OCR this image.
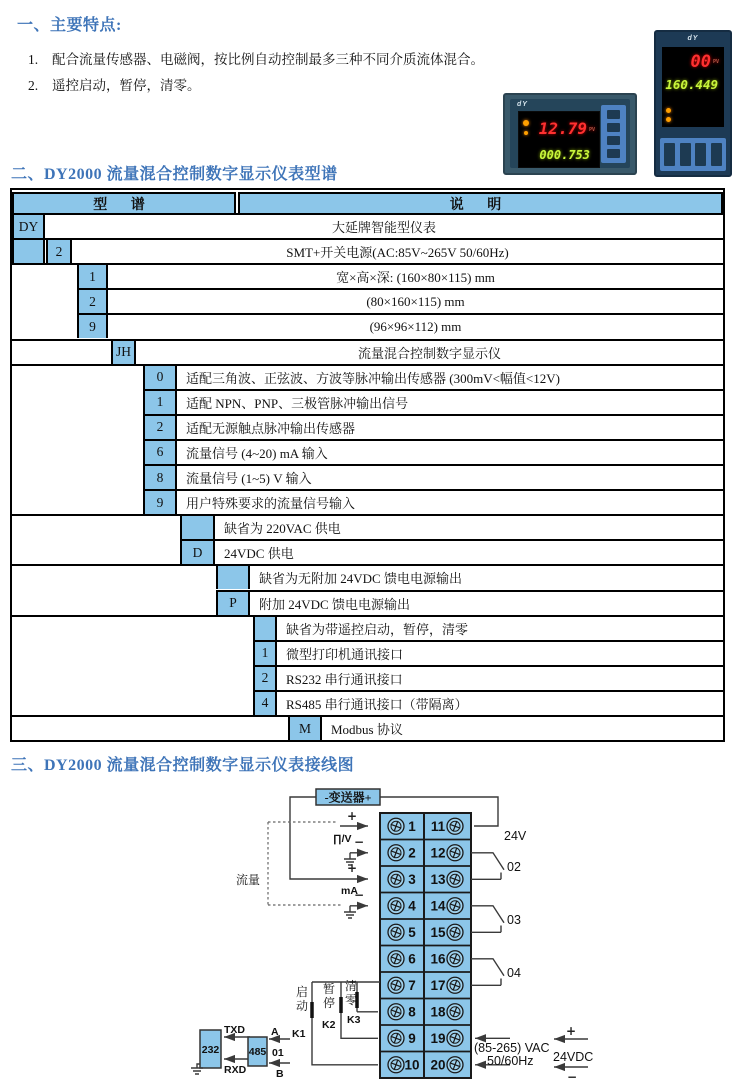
一、主要特点:
1. 配合流量传感器、电磁阀，按比例自动控制最多三种不同介质流体混合。
2. 遥控启动，暂停，清零。
dY
12.79 PV
000.753
dY
00 PV
160.449
二、DY2000 流量混合控制数字显示仪表型谱
型 谱	说 明
DY	大延牌智能型仪表
2	SMT+开关电源(AC:85V~265V 50/60Hz)
1	宽×高×深: (160×80×115) mm
2	(80×160×115) mm
9	(96×96×112) mm
JH	流量混合控制数字显示仪
0	适配三角波、正弦波、方波等脉冲输出传感器 (300mV<幅值<12V)
1	适配 NPN、PNP、三极管脉冲输出信号
2	适配无源触点脉冲输出传感器
6	流量信号 (4~20) mA 输入
8	流量信号 (1~5) V 输入
9	用户特殊要求的流量信号输入
缺省为 220VAC 供电
D	24VDC 供电
缺省为无附加 24VDC 馈电电源输出
P	附加 24VDC 馈电电源输出
缺省为带遥控启动，暂停，清零
1	微型打印机通讯接口
2	RS232 串行通讯接口
4	RS485 串行通讯接口（带隔离）
M	Modbus 协议
三、DY2000 流量混合控制数字显示仪表接线图
-变送器+
流量
+
∏/V −
+
mA
−
1 11
2 12
3 13
4 14
5 15
6 16
7 17
8 18
9 19
10 20
24V
02
03
04
(85-265) VAC
50/60Hz
+
24VDC
−
启
动
K1
暂
停
K2
清
零
K3
232
TXD
RXD
485
A
01
B
